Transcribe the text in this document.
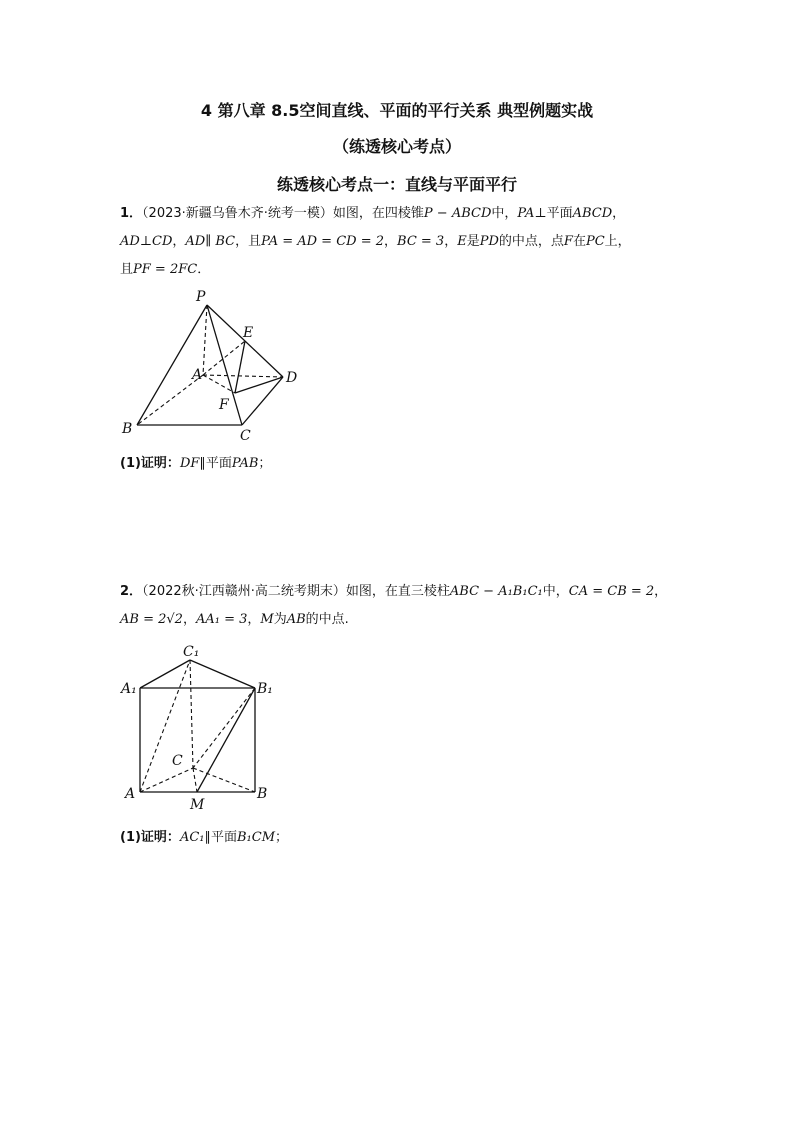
4 第八章 8.5空间直线、平面的平行关系 典型例题实战
（练透核心考点）
练透核心考点一：直线与平面平行
1．（2023·新疆乌鲁木齐·统考一模）如图，在四棱锥P − ABCD中，PA⊥平面ABCD，
AD⊥CD，AD∥ BC，且PA = AD = CD = 2，BC = 3，E是PD的中点，点F在PC上，
且PF = 2FC．
P
E
A	D
F
B	C
(1)证明：DF∥平面PAB；
2．（2022秋·江西赣州·高二统考期末）如图，在直三棱柱ABC − A₁B₁C₁中，CA = CB = 2，
AB = 2√2，AA₁ = 3，M为AB的中点.
C₁
A₁	B₁
C
A
M
B
(1)证明：AC₁∥平面B₁CM；
